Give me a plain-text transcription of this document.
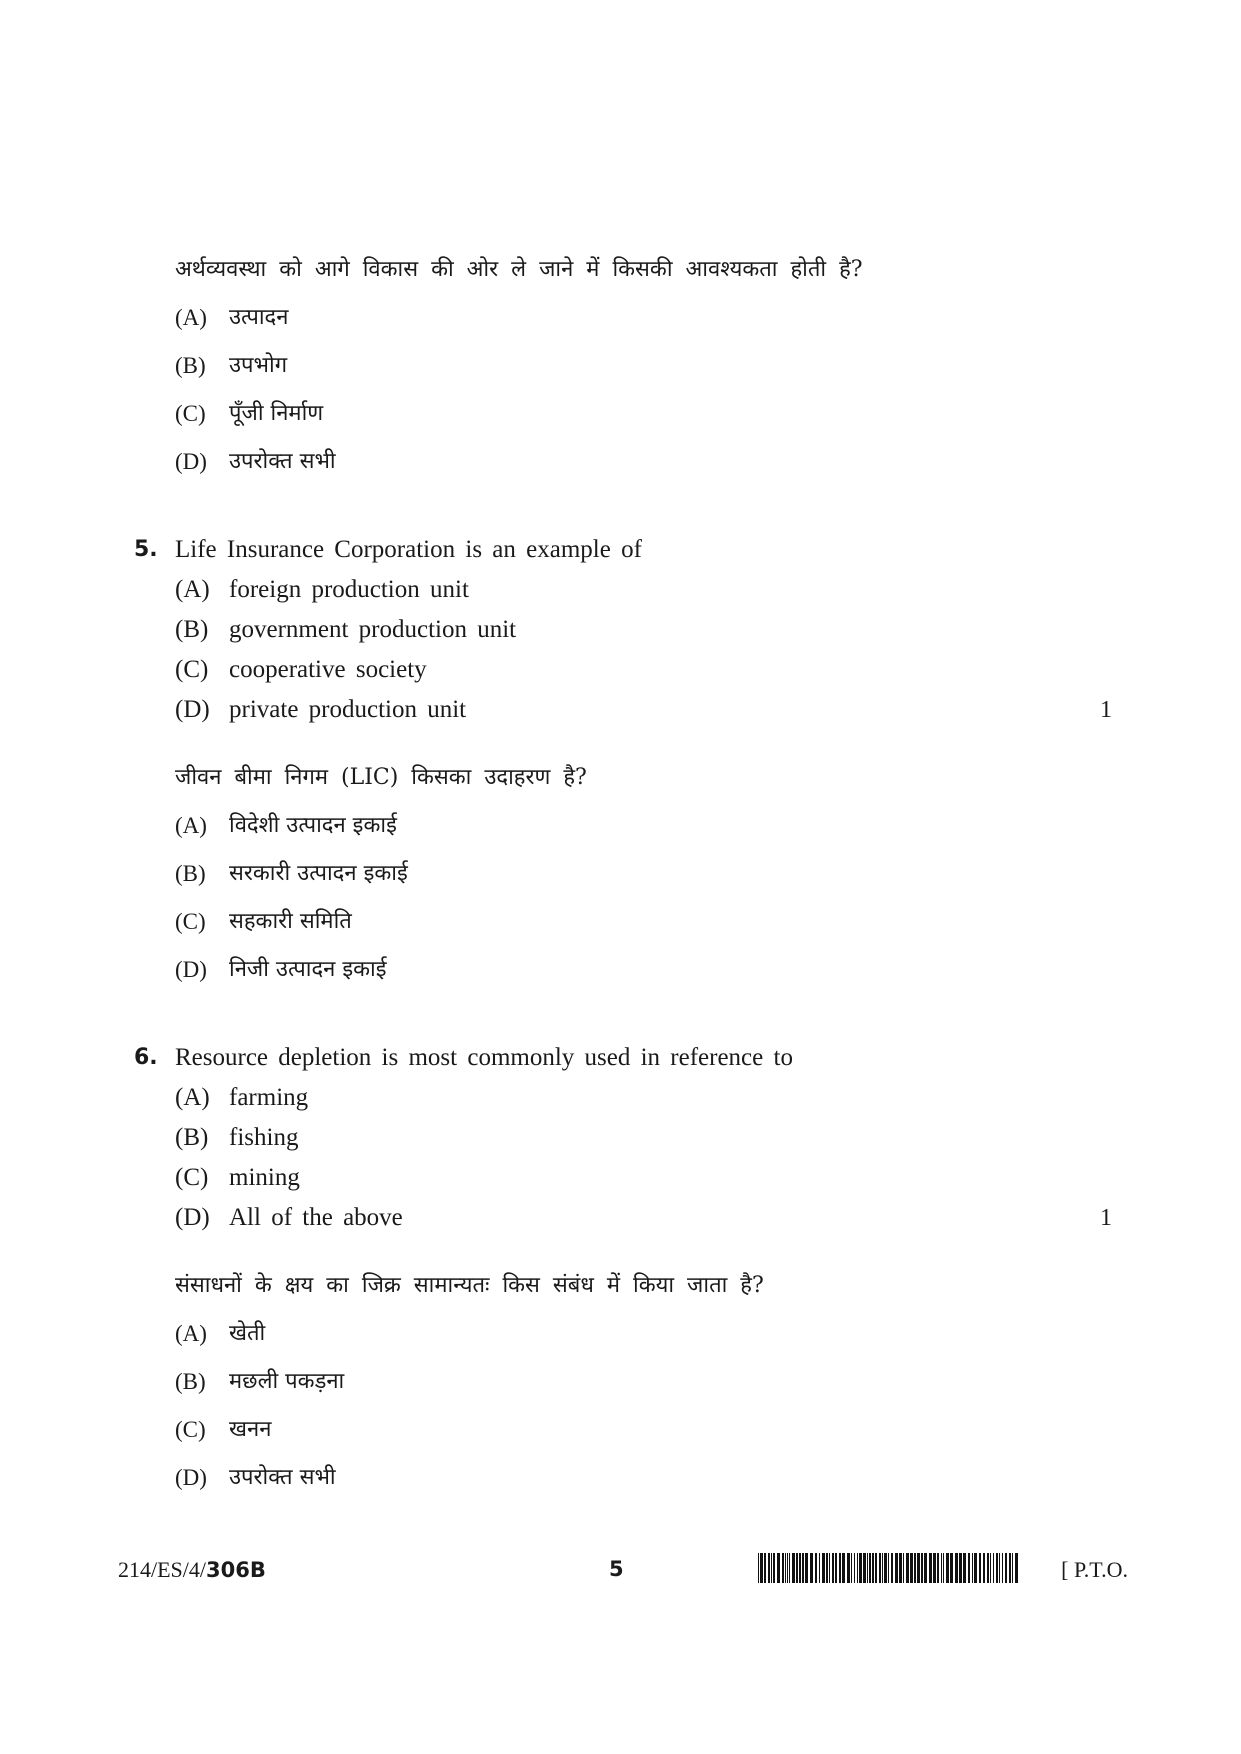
अर्थव्यवस्था को आगे विकास की ओर ले जाने में किसकी आवश्यकता होती है?
(A)	उत्पादन
(B)	उपभोग
(C)	पूँजी निर्माण
(D)	उपरोक्त सभी
5. Life Insurance Corporation is an example of
(A) foreign production unit
(B) government production unit
(C) cooperative society
(D) private production unit	1
जीवन बीमा निगम (LIC) किसका उदाहरण है?
(A)	विदेशी उत्पादन इकाई
(B)	सरकारी उत्पादन इकाई
(C)	सहकारी समिति
(D)	निजी उत्पादन इकाई
6. Resource depletion is most commonly used in reference to
(A) farming
(B) fishing
(C) mining
(D) All of the above	1
संसाधनों के क्षय का जिक्र सामान्यतः किस संबंध में किया जाता है?
(A)	खेती
(B)	मछली पकड़ना
(C)	खनन
(D)	उपरोक्त सभी
214/ES/4/306B	5	[ P.T.O.
